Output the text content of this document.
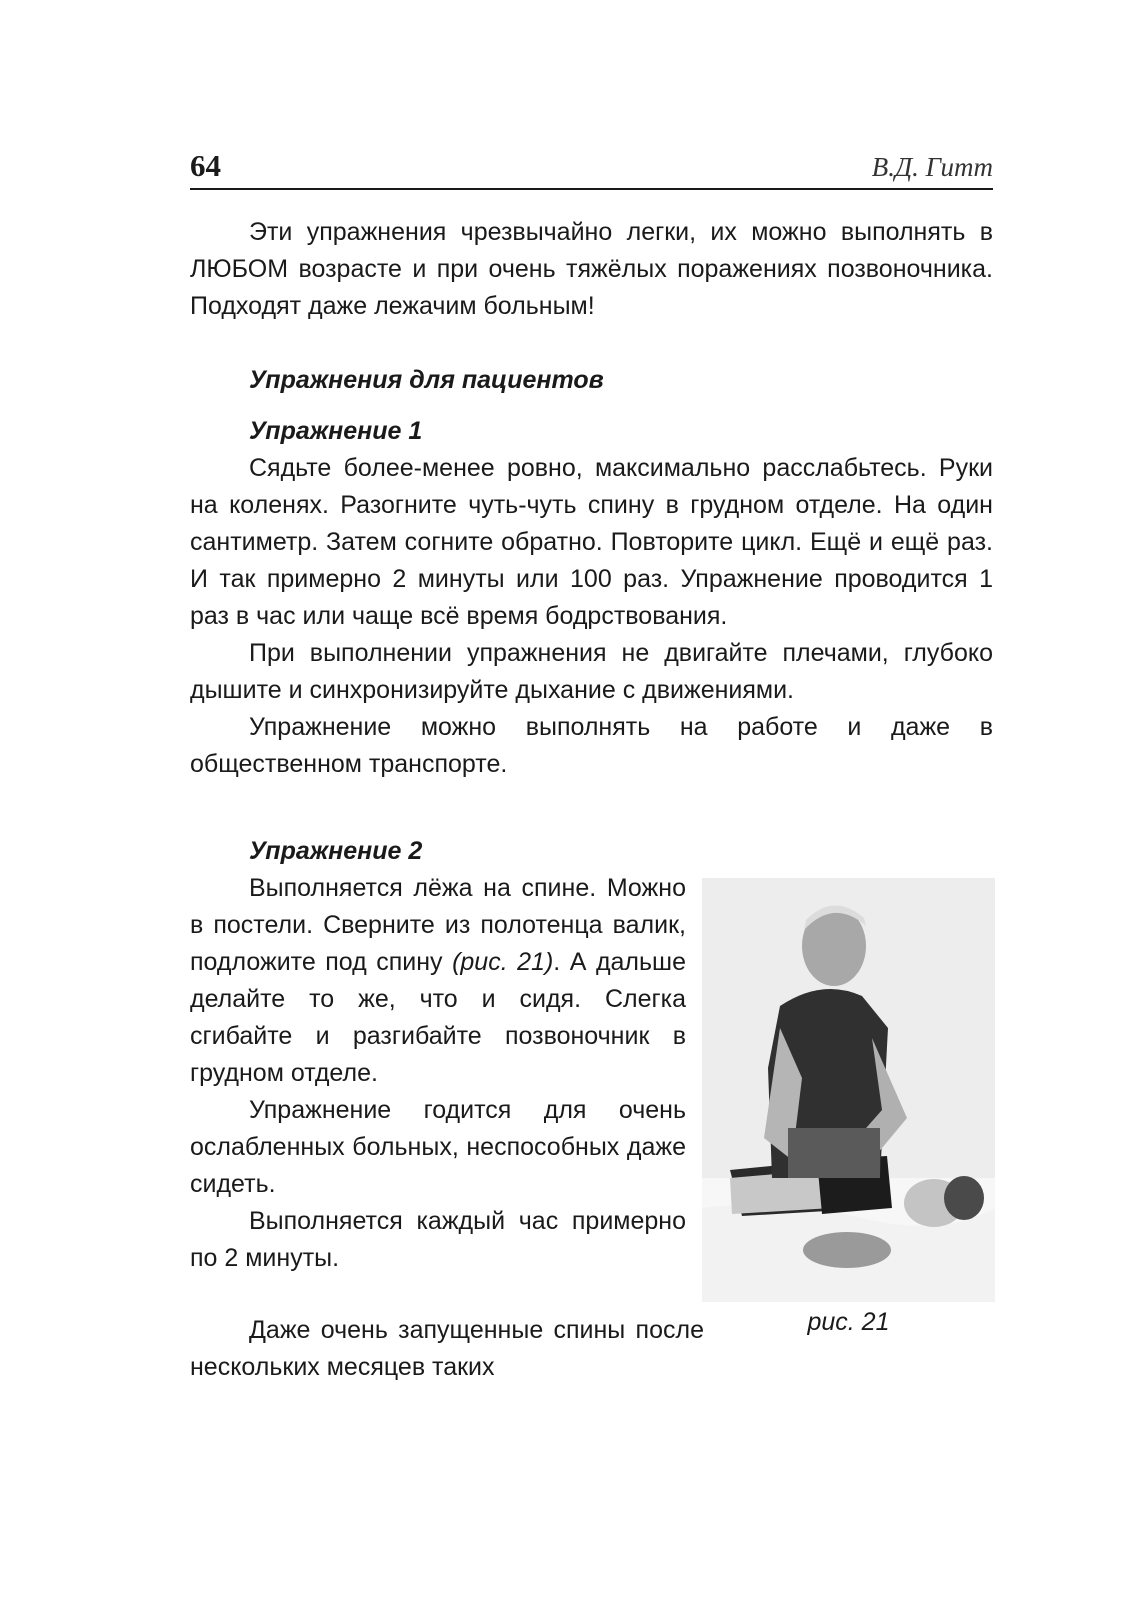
64	В.Д. Гитт

Эти упражнения чрезвычайно легки, их можно выполнять в ЛЮБОМ возрасте и при очень тяжёлых поражениях позвоночника. Подходят даже лежачим больным!

Упражнения для пациентов

Упражнение 1

Сядьте более-менее ровно, максимально расслабьтесь. Руки на коленях. Разогните чуть-чуть спину в грудном отделе. На один сантиметр. Затем согните обратно. Повторите цикл. Ещё и ещё раз. И так примерно 2 минуты или 100 раз. Упражнение проводится 1 раз в час или чаще всё время бодрствования.

При выполнении упражнения не двигайте плечами, глубоко дышите и синхронизируйте дыхание с движениями.

Упражнение можно выполнять на работе и даже в общественном транспорте.

Упражнение 2

Выполняется лёжа на спине. Можно в постели. Сверните из полотенца валик, подложите под спину (рис. 21). А дальше делайте то же, что и сидя. Слегка сгибайте и разгибайте позвоночник в грудном отделе.

Упражнение годится для очень ослабленных больных, неспособных даже сидеть.

Выполняется каждый час примерно по 2 минуты.

рис. 21

Даже очень запущенные спины после нескольких месяцев таких
